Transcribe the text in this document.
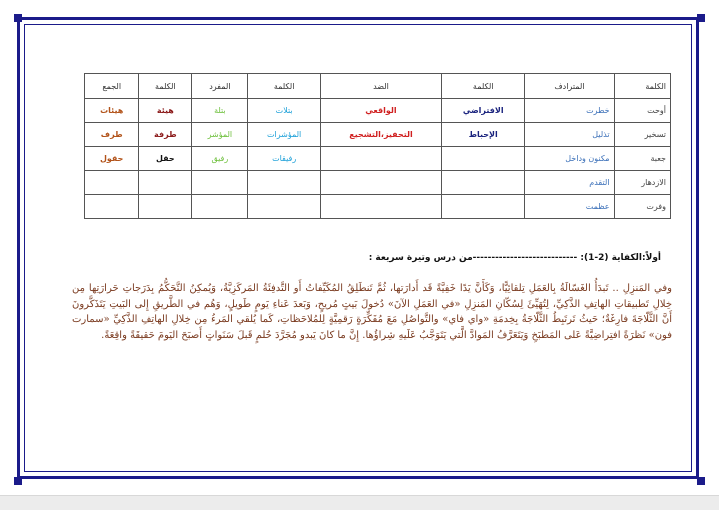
الكلمة	المترادف	الكلمة	الضد	الكلمة	المفرد	الكلمة	الجمع
أوحت	خطرت	الافتراضي	الواقعي	بتلات	بتلة	هيئة	هيئات
تسخير	تذليل	الإحباط	التحفيز،التشجيع	المؤشرات	المؤشر	طرفة	طرف
جعبة	مكنون وداخل			رفيقات	رفيق	حقل	حقول
الازدهار	التقدم						
وفرت	عظمت						
أولاً:الكفاية (2-1): ----------------------------من درس وتيرة سريعة :
وفي المَنزِلِ .. تَبدَأُ الغَسّالَةُ بِالعَمَلِ تِلقائِيًّا، وَكَأَنَّ يَدًا خَفِيَّةً قَد أَدارَتها، ثُمَّ تَنطَلِقُ المُكَيِّفاتُ أَو التَّدفِئَةُ المَركَزِيَّةُ، وَيُمكِنُ التَّحَكُّمُ بِدَرَجاتِ حَرارَتِها مِن خِلالِ تَطبيقاتِ الهاتِفِ الذَّكِيِّ، لِتُهَيِّئَ لِسُكّانِ المَنزِلِ «في العَمَلِ الآنَ» دُخولَ بَيتٍ مُريحٍ، وَبَعدَ عَناءِ يَومٍ طَويلٍ، وَهُم في الطَّريقِ إِلى البَيتِ يَتَذَكَّرونَ أَنَّ الثَّلّاجَةَ فارِغَةٌ؛ حَيثُ تَرتَبِطُ الثَّلّاجَةُ بِخِدمَةِ «واي فاي» والتَّواصُلِ مَعَ مُفَكِّرَةٍ رَقمِيَّةٍ لِلمُلاحَظاتِ، كَما يُلقي المَرءُ مِن خِلالِ الهاتِفِ الذَّكِيِّ «سمارت فون» نَظرَةً افتِراضِيَّةً عَلى المَطبَخِ وَيَتَعَرَّفُ المَوادَّ الَّتي يَتَوَجَّبُ عَلَيهِ شِراؤُها. إِنَّ ما كانَ يَبدو مُجَرَّدَ حُلمٍ قَبلَ سَنَواتٍ أَصبَحَ اليَومَ حَقيقَةً واقِعَةً.
